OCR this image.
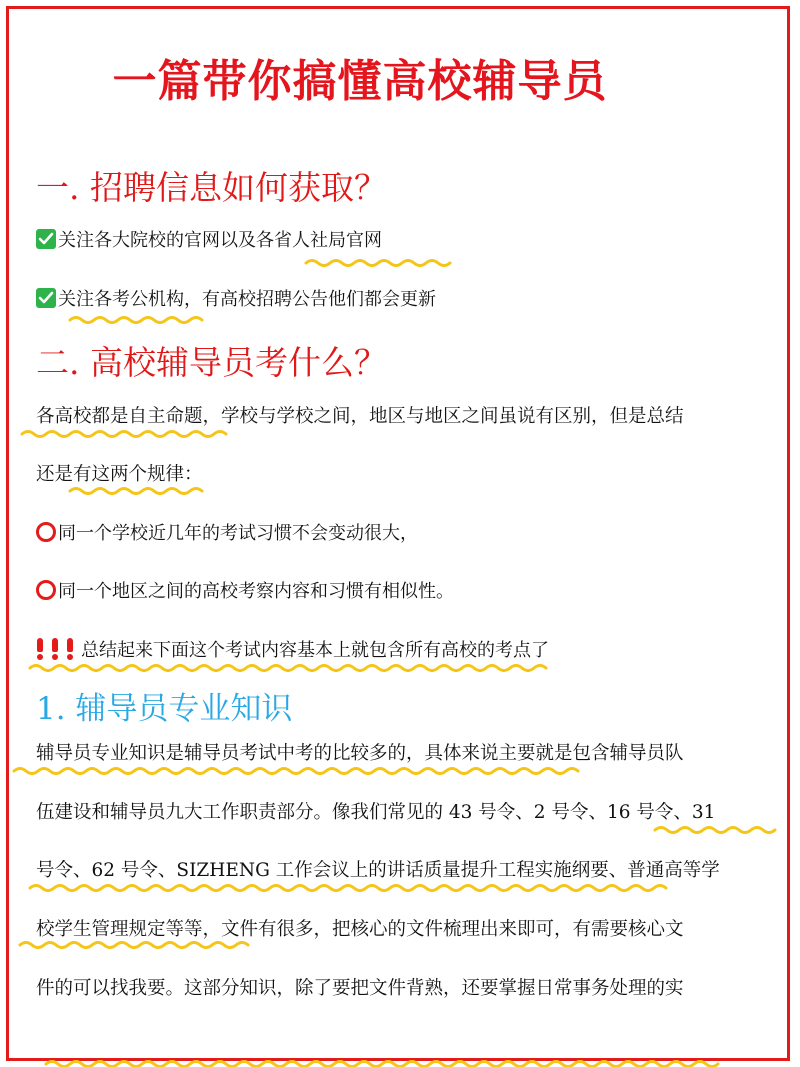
一篇带你搞懂高校辅导员
一. 招聘信息如何获取？
关注各大院校的官网以及各省人社局官网
关注各考公机构，有高校招聘公告他们都会更新
二. 高校辅导员考什么？
各高校都是自主命题，学校与学校之间，地区与地区之间虽说有区别，但是总结
还是有这两个规律：
同一个学校近几年的考试习惯不会变动很大，
同一个地区之间的高校考察内容和习惯有相似性。
总结起来下面这个考试内容基本上就包含所有高校的考点了
1. 辅导员专业知识
辅导员专业知识是辅导员考试中考的比较多的，具体来说主要就是包含辅导员队
伍建设和辅导员九大工作职责部分。像我们常见的 43 号令、2 号令、16 号令、31
号令、62 号令、SIZHENG 工作会议上的讲话质量提升工程实施纲要、普通高等学
校学生管理规定等等，文件有很多，把核心的文件梳理出来即可，有需要核心文
件的可以找我要。这部分知识，除了要把文件背熟，还要掌握日常事务处理的实
